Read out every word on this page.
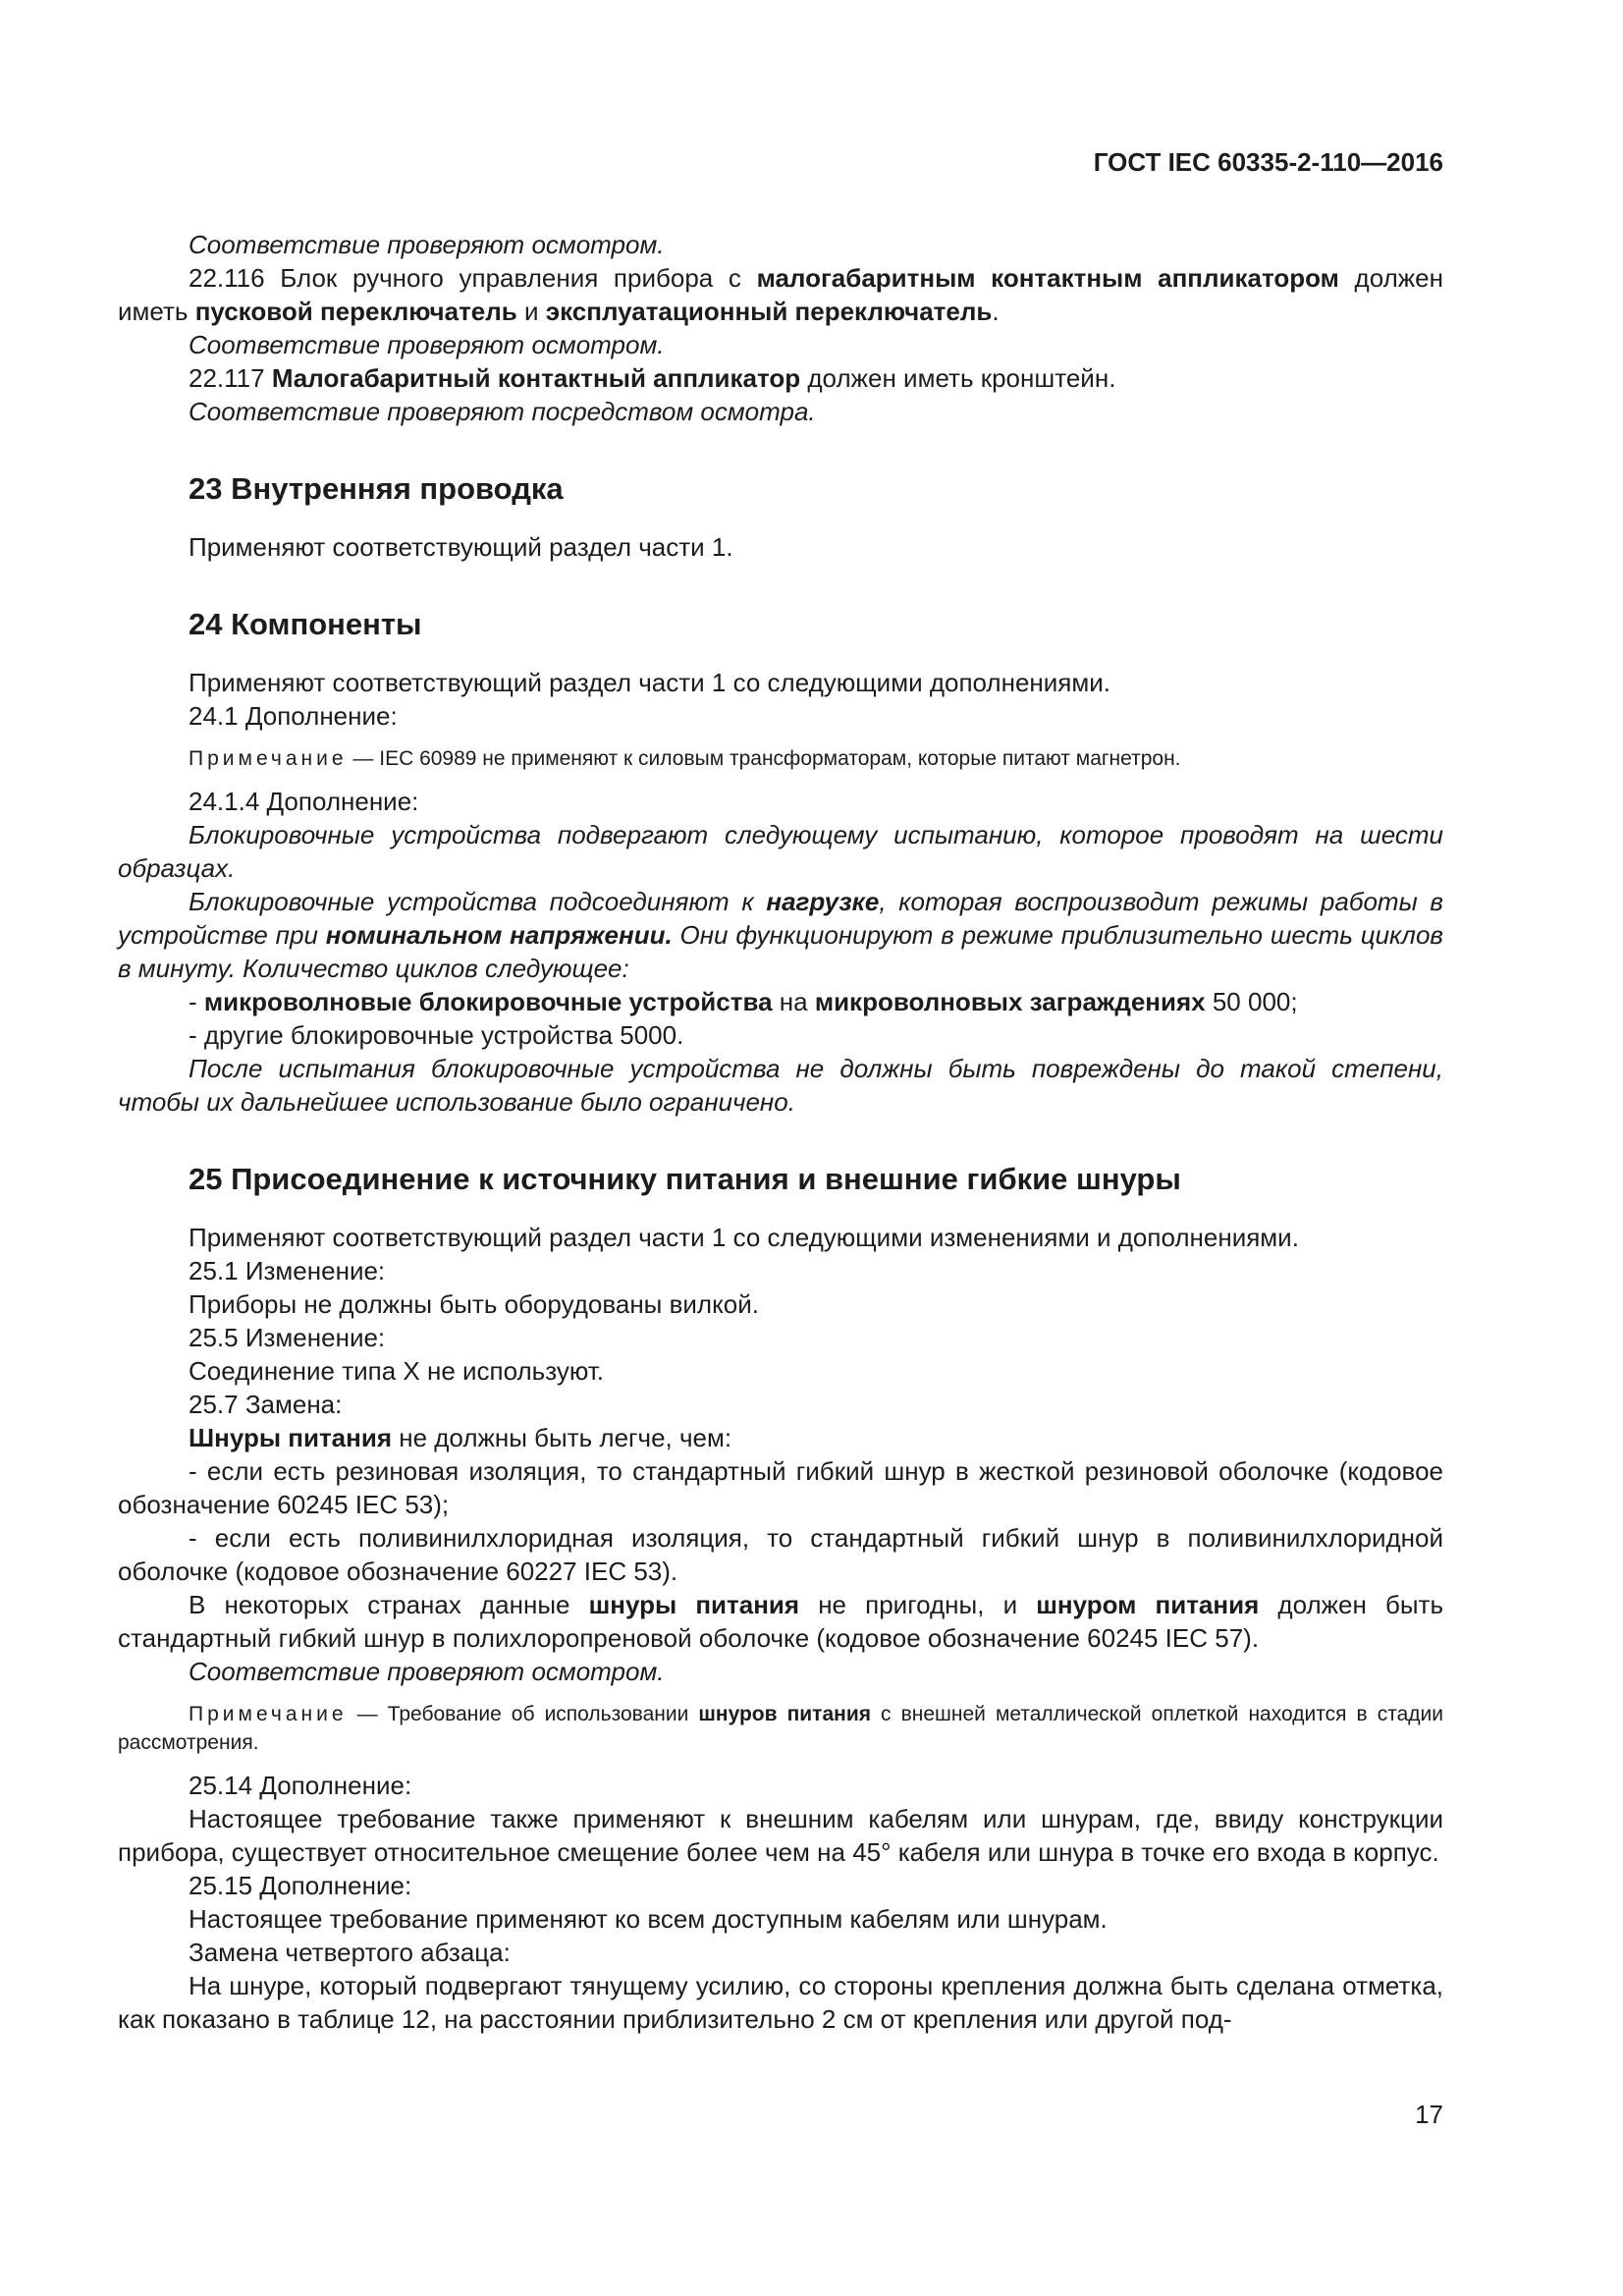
ГОСТ IEC 60335-2-110—2016

Соответствие проверяют осмотром.

22.116 Блок ручного управления прибора с малогабаритным контактным аппликатором должен иметь пусковой переключатель и эксплуатационный переключатель.

Соответствие проверяют осмотром.

22.117 Малогабаритный контактный аппликатор должен иметь кронштейн.

Соответствие проверяют посредством осмотра.

23 Внутренняя проводка

Применяют соответствующий раздел части 1.

24 Компоненты

Применяют соответствующий раздел части 1 со следующими дополнениями.

24.1 Дополнение:

Примечание — IEC 60989 не применяют к силовым трансформаторам, которые питают магнетрон.

24.1.4 Дополнение:

Блокировочные устройства подвергают следующему испытанию, которое проводят на шести образцах.

Блокировочные устройства подсоединяют к нагрузке, которая воспроизводит режимы работы в устройстве при номинальном напряжении. Они функционируют в режиме приблизительно шесть циклов в минуту. Количество циклов следующее:

- микроволновые блокировочные устройства на микроволновых заграждениях 50 000;

- другие блокировочные устройства 5000.

После испытания блокировочные устройства не должны быть повреждены до такой степени, чтобы их дальнейшее использование было ограничено.

25 Присоединение к источнику питания и внешние гибкие шнуры

Применяют соответствующий раздел части 1 со следующими изменениями и дополнениями.

25.1 Изменение:

Приборы не должны быть оборудованы вилкой.

25.5 Изменение:

Соединение типа X не используют.

25.7 Замена:

Шнуры питания не должны быть легче, чем:

- если есть резиновая изоляция, то стандартный гибкий шнур в жесткой резиновой оболочке (кодовое обозначение 60245 IEC 53);

- если есть поливинилхлоридная изоляция, то стандартный гибкий шнур в поливинилхлоридной оболочке (кодовое обозначение 60227 IEC 53).

В некоторых странах данные шнуры питания не пригодны, и шнуром питания должен быть стандартный гибкий шнур в полихлоропреновой оболочке (кодовое обозначение 60245 IEC 57).

Соответствие проверяют осмотром.

Примечание — Требование об использовании шнуров питания с внешней металлической оплеткой находится в стадии рассмотрения.

25.14 Дополнение:

Настоящее требование также применяют к внешним кабелям или шнурам, где, ввиду конструкции прибора, существует относительное смещение более чем на 45° кабеля или шнура в точке его входа в корпус.

25.15 Дополнение:

Настоящее требование применяют ко всем доступным кабелям или шнурам.

Замена четвертого абзаца:

На шнуре, который подвергают тянущему усилию, со стороны крепления должна быть сделана отметка, как показано в таблице 12, на расстоянии приблизительно 2 см от крепления или другой под-

17
